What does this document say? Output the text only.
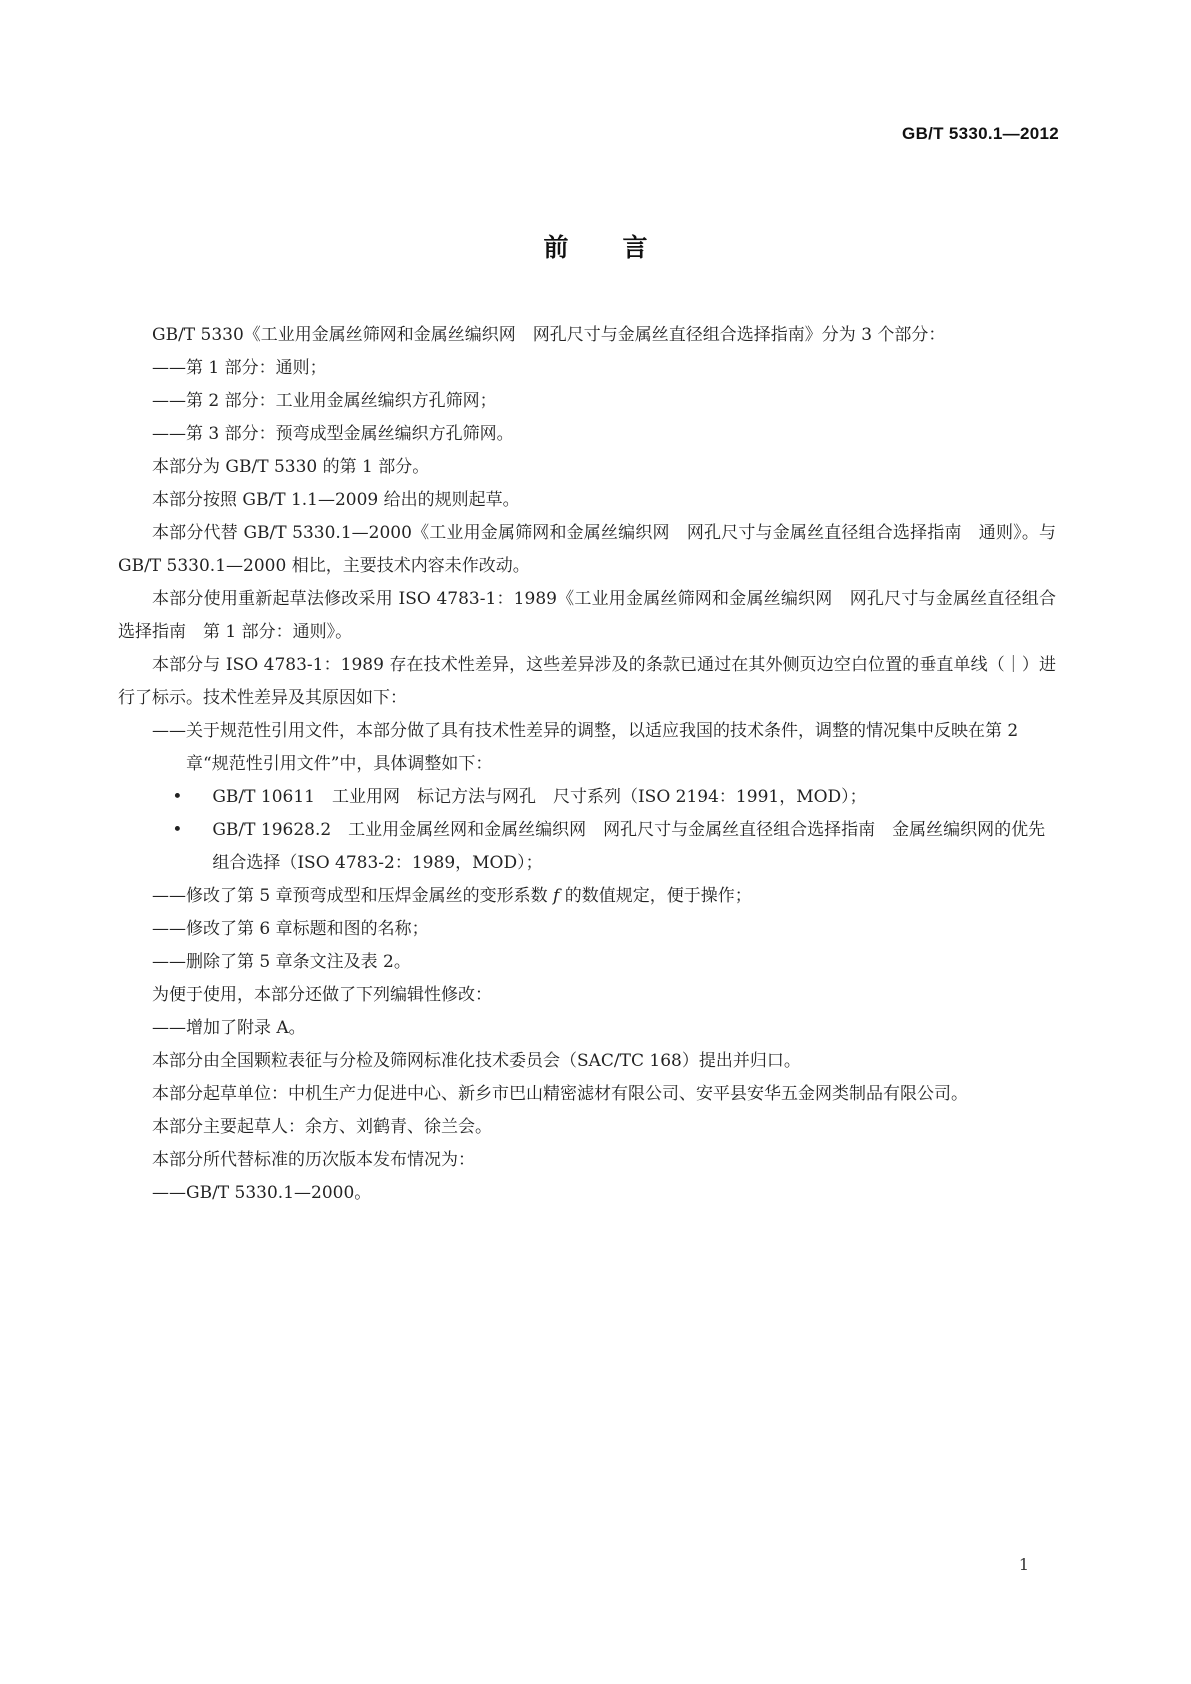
GB/T 5330.1—2012
前 言

GB/T 5330《工业用金属丝筛网和金属丝编织网　网孔尺寸与金属丝直径组合选择指南》分为 3 个部分：

——第 1 部分：通则；

——第 2 部分：工业用金属丝编织方孔筛网；

——第 3 部分：预弯成型金属丝编织方孔筛网。

本部分为 GB/T 5330 的第 1 部分。

本部分按照 GB/T 1.1—2009 给出的规则起草。

本部分代替 GB/T 5330.1—2000《工业用金属筛网和金属丝编织网　网孔尺寸与金属丝直径组合选择指南　通则》。与 GB/T 5330.1—2000 相比，主要技术内容未作改动。

本部分使用重新起草法修改采用 ISO 4783-1：1989《工业用金属丝筛网和金属丝编织网　网孔尺寸与金属丝直径组合选择指南　第 1 部分：通则》。

本部分与 ISO 4783-1：1989 存在技术性差异，这些差异涉及的条款已通过在其外侧页边空白位置的垂直单线（｜）进行了标示。技术性差异及其原因如下：

——关于规范性引用文件，本部分做了具有技术性差异的调整，以适应我国的技术条件，调整的情况集中反映在第 2 章“规范性引用文件”中，具体调整如下：

• GB/T 10611　工业用网　标记方法与网孔　尺寸系列（ISO 2194：1991，MOD）；

• GB/T 19628.2　工业用金属丝网和金属丝编织网　网孔尺寸与金属丝直径组合选择指南　金属丝编织网的优先组合选择（ISO 4783-2：1989，MOD）；

——修改了第 5 章预弯成型和压焊金属丝的变形系数 f 的数值规定，便于操作；

——修改了第 6 章标题和图的名称；

——删除了第 5 章条文注及表 2。

为便于使用，本部分还做了下列编辑性修改：

——增加了附录 A。

本部分由全国颗粒表征与分检及筛网标准化技术委员会（SAC/TC 168）提出并归口。

本部分起草单位：中机生产力促进中心、新乡市巴山精密滤材有限公司、安平县安华五金网类制品有限公司。

本部分主要起草人：余方、刘鹤青、徐兰会。

本部分所代替标准的历次版本发布情况为：

——GB/T 5330.1—2000。

1
